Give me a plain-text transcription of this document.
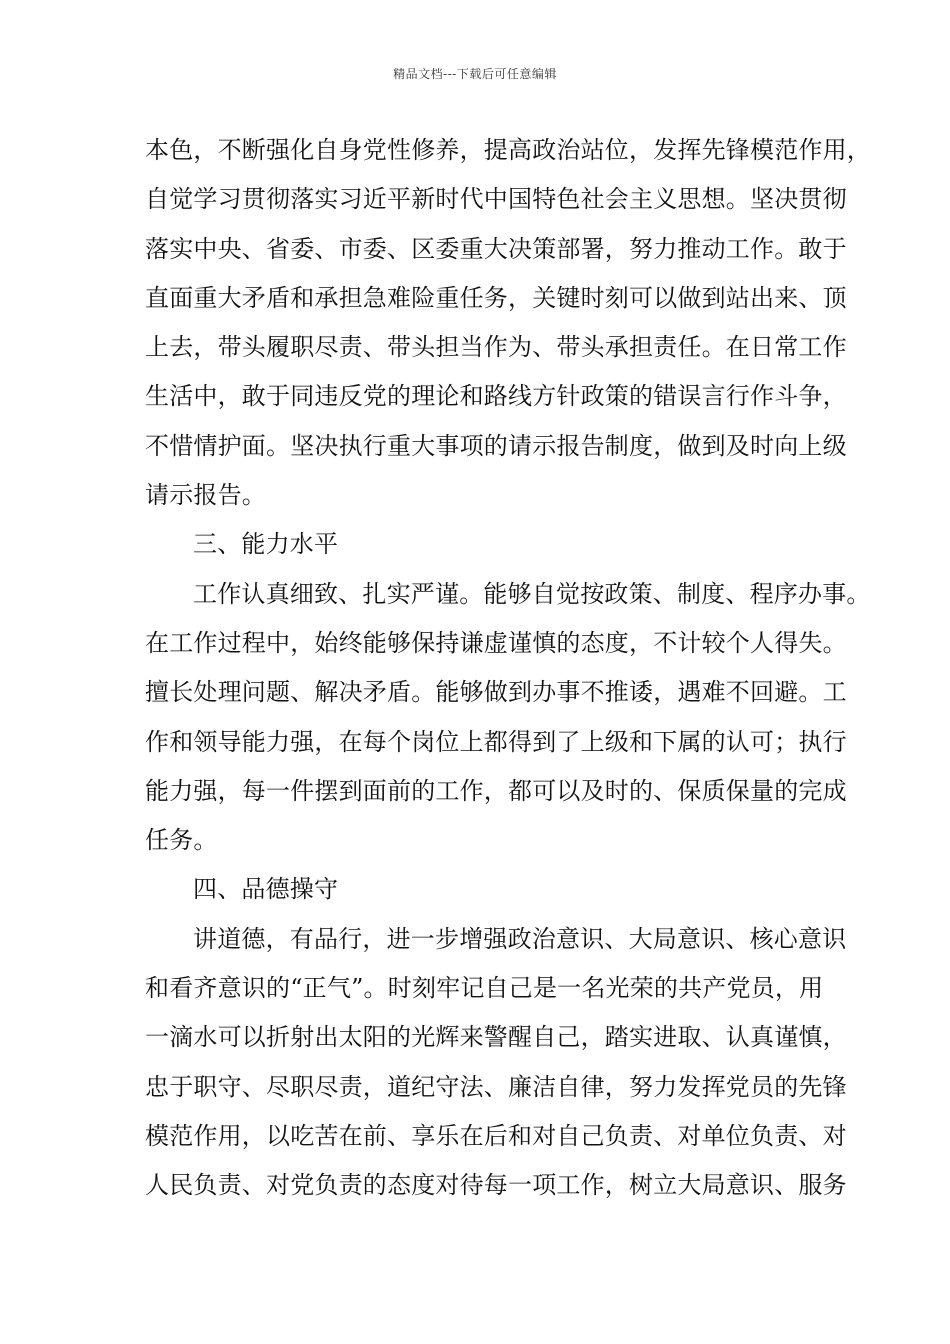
精品文档---下载后可任意编辑
本色，不断强化自身党性修养，提高政治站位，发挥先锋模范作用，
自觉学习贯彻落实习近平新时代中国特色社会主义思想。坚决贯彻
落实中央、省委、市委、区委重大决策部署，努力推动工作。敢于
直面重大矛盾和承担急难险重任务，关键时刻可以做到站出来、顶
上去，带头履职尽责、带头担当作为、带头承担责任。在日常工作
生活中，敢于同违反党的理论和路线方针政策的错误言行作斗争，
不惜情护面。坚决执行重大事项的请示报告制度，做到及时向上级
请示报告。
三、能力水平
工作认真细致、扎实严谨。能够自觉按政策、制度、程序办事。
在工作过程中，始终能够保持谦虚谨慎的态度，不计较个人得失。
擅长处理问题、解决矛盾。能够做到办事不推诿，遇难不回避。工
作和领导能力强，在每个岗位上都得到了上级和下属的认可；执行
能力强，每一件摆到面前的工作，都可以及时的、保质保量的完成
任务。
四、品德操守
讲道德，有品行，进一步增强政治意识、大局意识、核心意识
和看齐意识的“正气”。时刻牢记自己是一名光荣的共产党员，用
一滴水可以折射出太阳的光辉来警醒自己，踏实进取、认真谨慎，
忠于职守、尽职尽责，道纪守法、廉洁自律，努力发挥党员的先锋
模范作用，以吃苦在前、享乐在后和对自己负责、对单位负责、对
人民负责、对党负责的态度对待每一项工作，树立大局意识、服务
